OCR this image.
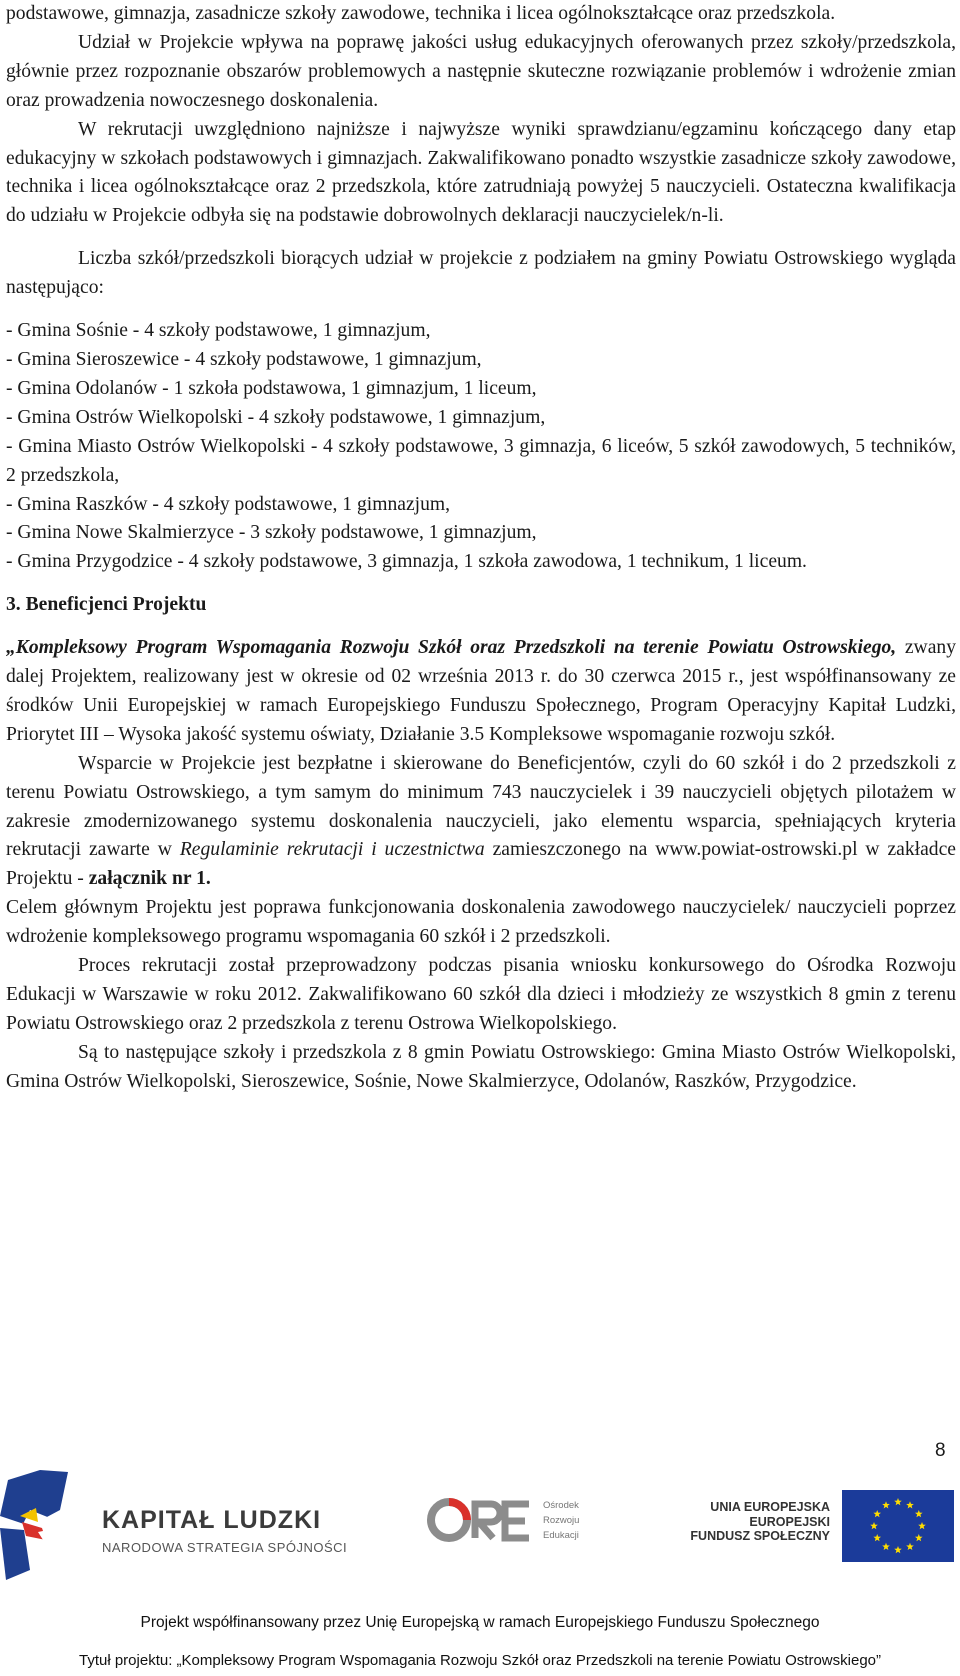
podstawowe, gimnazja, zasadnicze szkoły zawodowe, technika i licea ogólnokształcące oraz przedszkola.

Udział w Projekcie wpływa na poprawę jakości usług edukacyjnych oferowanych przez szkoły/przedszkola, głównie przez rozpoznanie obszarów problemowych a następnie skuteczne rozwiązanie problemów i wdrożenie zmian oraz prowadzenia nowoczesnego doskonalenia.

W rekrutacji uwzględniono najniższe i najwyższe wyniki sprawdzianu/egzaminu kończącego dany etap edukacyjny w szkołach podstawowych i gimnazjach. Zakwalifikowano ponadto wszystkie zasadnicze szkoły zawodowe, technika i licea ogólnokształcące oraz 2 przedszkola, które zatrudniają powyżej 5 nauczycieli. Ostateczna kwalifikacja do udziału w Projekcie odbyła się na podstawie dobrowolnych deklaracji nauczycielek/n-li.

Liczba szkół/przedszkoli biorących udział w projekcie z podziałem na gminy Powiatu Ostrowskiego wygląda następująco:

- Gmina Sośnie - 4 szkoły podstawowe, 1 gimnazjum,
- Gmina Sieroszewice - 4 szkoły podstawowe, 1 gimnazjum,
- Gmina Odolanów - 1 szkoła podstawowa, 1 gimnazjum, 1 liceum,
- Gmina Ostrów Wielkopolski - 4 szkoły podstawowe, 1 gimnazjum,
- Gmina Miasto Ostrów Wielkopolski - 4 szkoły podstawowe, 3 gimnazja, 6 liceów, 5 szkół zawodowych, 5 techników, 2 przedszkola,
- Gmina Raszków - 4 szkoły podstawowe, 1 gimnazjum,
- Gmina Nowe Skalmierzyce - 3 szkoły podstawowe, 1 gimnazjum,
- Gmina Przygodzice - 4 szkoły podstawowe, 3 gimnazja, 1 szkoła zawodowa, 1 technikum, 1 liceum.

3. Beneficjenci Projektu

„Kompleksowy Program Wspomagania Rozwoju Szkół oraz Przedszkoli na terenie Powiatu Ostrowskiego, zwany dalej Projektem, realizowany jest w okresie od 02 września 2013 r. do 30 czerwca 2015 r., jest współfinansowany ze środków Unii Europejskiej w ramach Europejskiego Funduszu Społecznego, Program Operacyjny Kapitał Ludzki, Priorytet III – Wysoka jakość systemu oświaty, Działanie 3.5 Kompleksowe wspomaganie rozwoju szkół.

Wsparcie w Projekcie jest bezpłatne i skierowane do Beneficjentów, czyli do 60 szkół i do 2 przedszkoli z terenu Powiatu Ostrowskiego, a tym samym do minimum 743 nauczycielek i 39 nauczycieli objętych pilotażem w zakresie zmodernizowanego systemu doskonalenia nauczycieli, jako elementu wsparcia, spełniających kryteria rekrutacji zawarte w Regulaminie rekrutacji i uczestnictwa zamieszczonego na www.powiat-ostrowski.pl w zakładce Projektu - załącznik nr 1.

Celem głównym Projektu jest poprawa funkcjonowania doskonalenia zawodowego nauczycielek/ nauczycieli poprzez wdrożenie kompleksowego programu wspomagania 60 szkół i 2 przedszkoli.

Proces rekrutacji został przeprowadzony podczas pisania wniosku konkursowego do Ośrodka Rozwoju Edukacji w Warszawie w roku 2012. Zakwalifikowano 60 szkół dla dzieci i młodzieży ze wszystkich 8 gmin z terenu Powiatu Ostrowskiego oraz 2 przedszkola z terenu Ostrowa Wielkopolskiego.

Są to następujące szkoły i przedszkola z 8 gmin Powiatu Ostrowskiego: Gmina Miasto Ostrów Wielkopolski, Gmina Ostrów Wielkopolski, Sieroszewice, Sośnie, Nowe Skalmierzyce, Odolanów, Raszków, Przygodzice.

8
KAPITAŁ LUDZKI
NARODOWA STRATEGIA SPÓJNOŚCI
Ośrodek
Rozwoju
Edukacji
UNIA EUROPEJSKA
EUROPEJSKI
FUNDUSZ SPOŁECZNY
Projekt współfinansowany przez Unię Europejską w ramach Europejskiego Funduszu Społecznego
Tytuł projektu: „Kompleksowy Program Wspomagania Rozwoju Szkół oraz Przedszkoli na terenie Powiatu Ostrowskiego”
